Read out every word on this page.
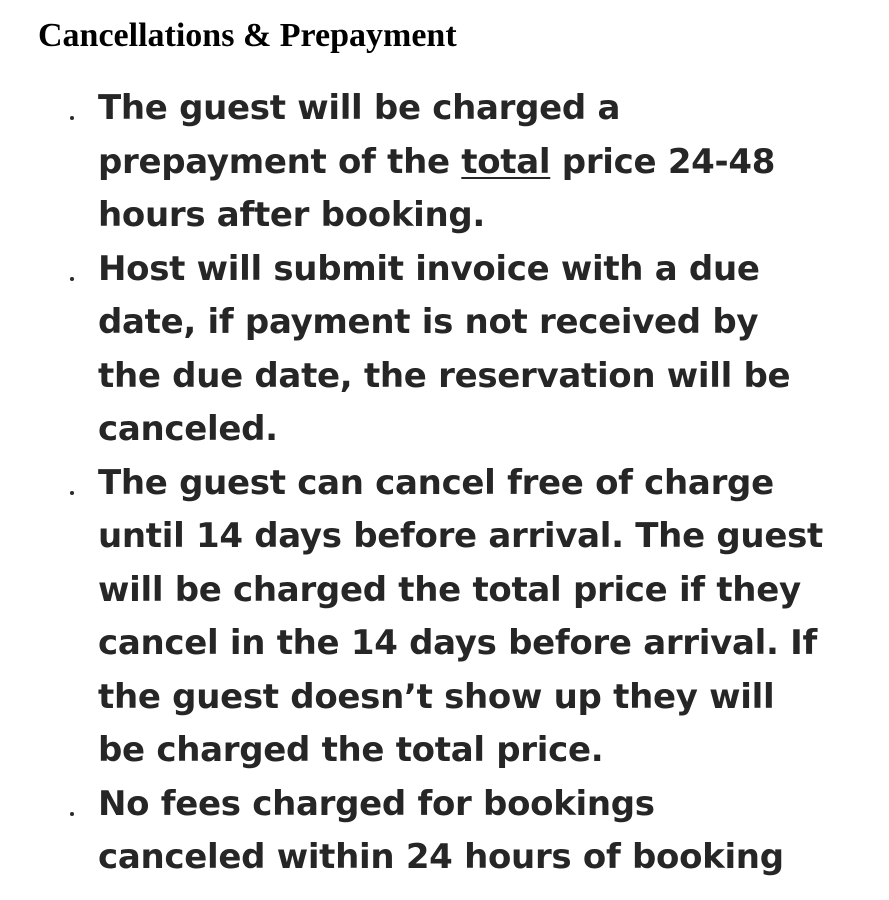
Cancellations & Prepayment
The guest will be charged a
prepayment of the total price 24-48
hours after booking.
Host will submit invoice with a due
date, if payment is not received by
the due date, the reservation will be
canceled.
The guest can cancel free of charge
until 14 days before arrival. The guest
will be charged the total price if they
cancel in the 14 days before arrival. If
the guest doesn’t show up they will
be charged the total price.
No fees charged for bookings
canceled within 24 hours of booking
